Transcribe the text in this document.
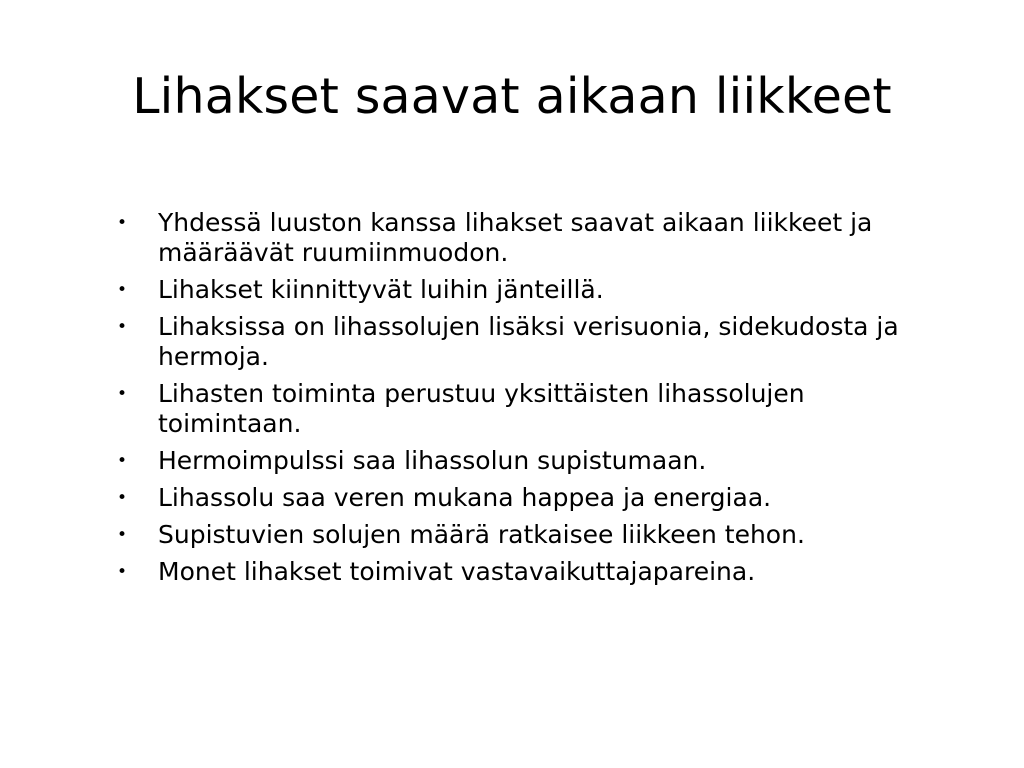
Lihakset saavat aikaan liikkeet
• Yhdessä luuston kanssa lihakset saavat aikaan liikkeet ja määräävät ruumiinmuodon.
• Lihakset kiinnittyvät luihin jänteillä.
• Lihaksissa on lihassolujen lisäksi verisuonia, sidekudosta ja hermoja.
• Lihasten toiminta perustuu yksittäisten lihassolujen toimintaan.
• Hermoimpulssi saa lihassolun supistumaan.
• Lihassolu saa veren mukana happea ja energiaa.
• Supistuvien solujen määrä ratkaisee liikkeen tehon.
• Monet lihakset toimivat vastavaikuttajapareina.
